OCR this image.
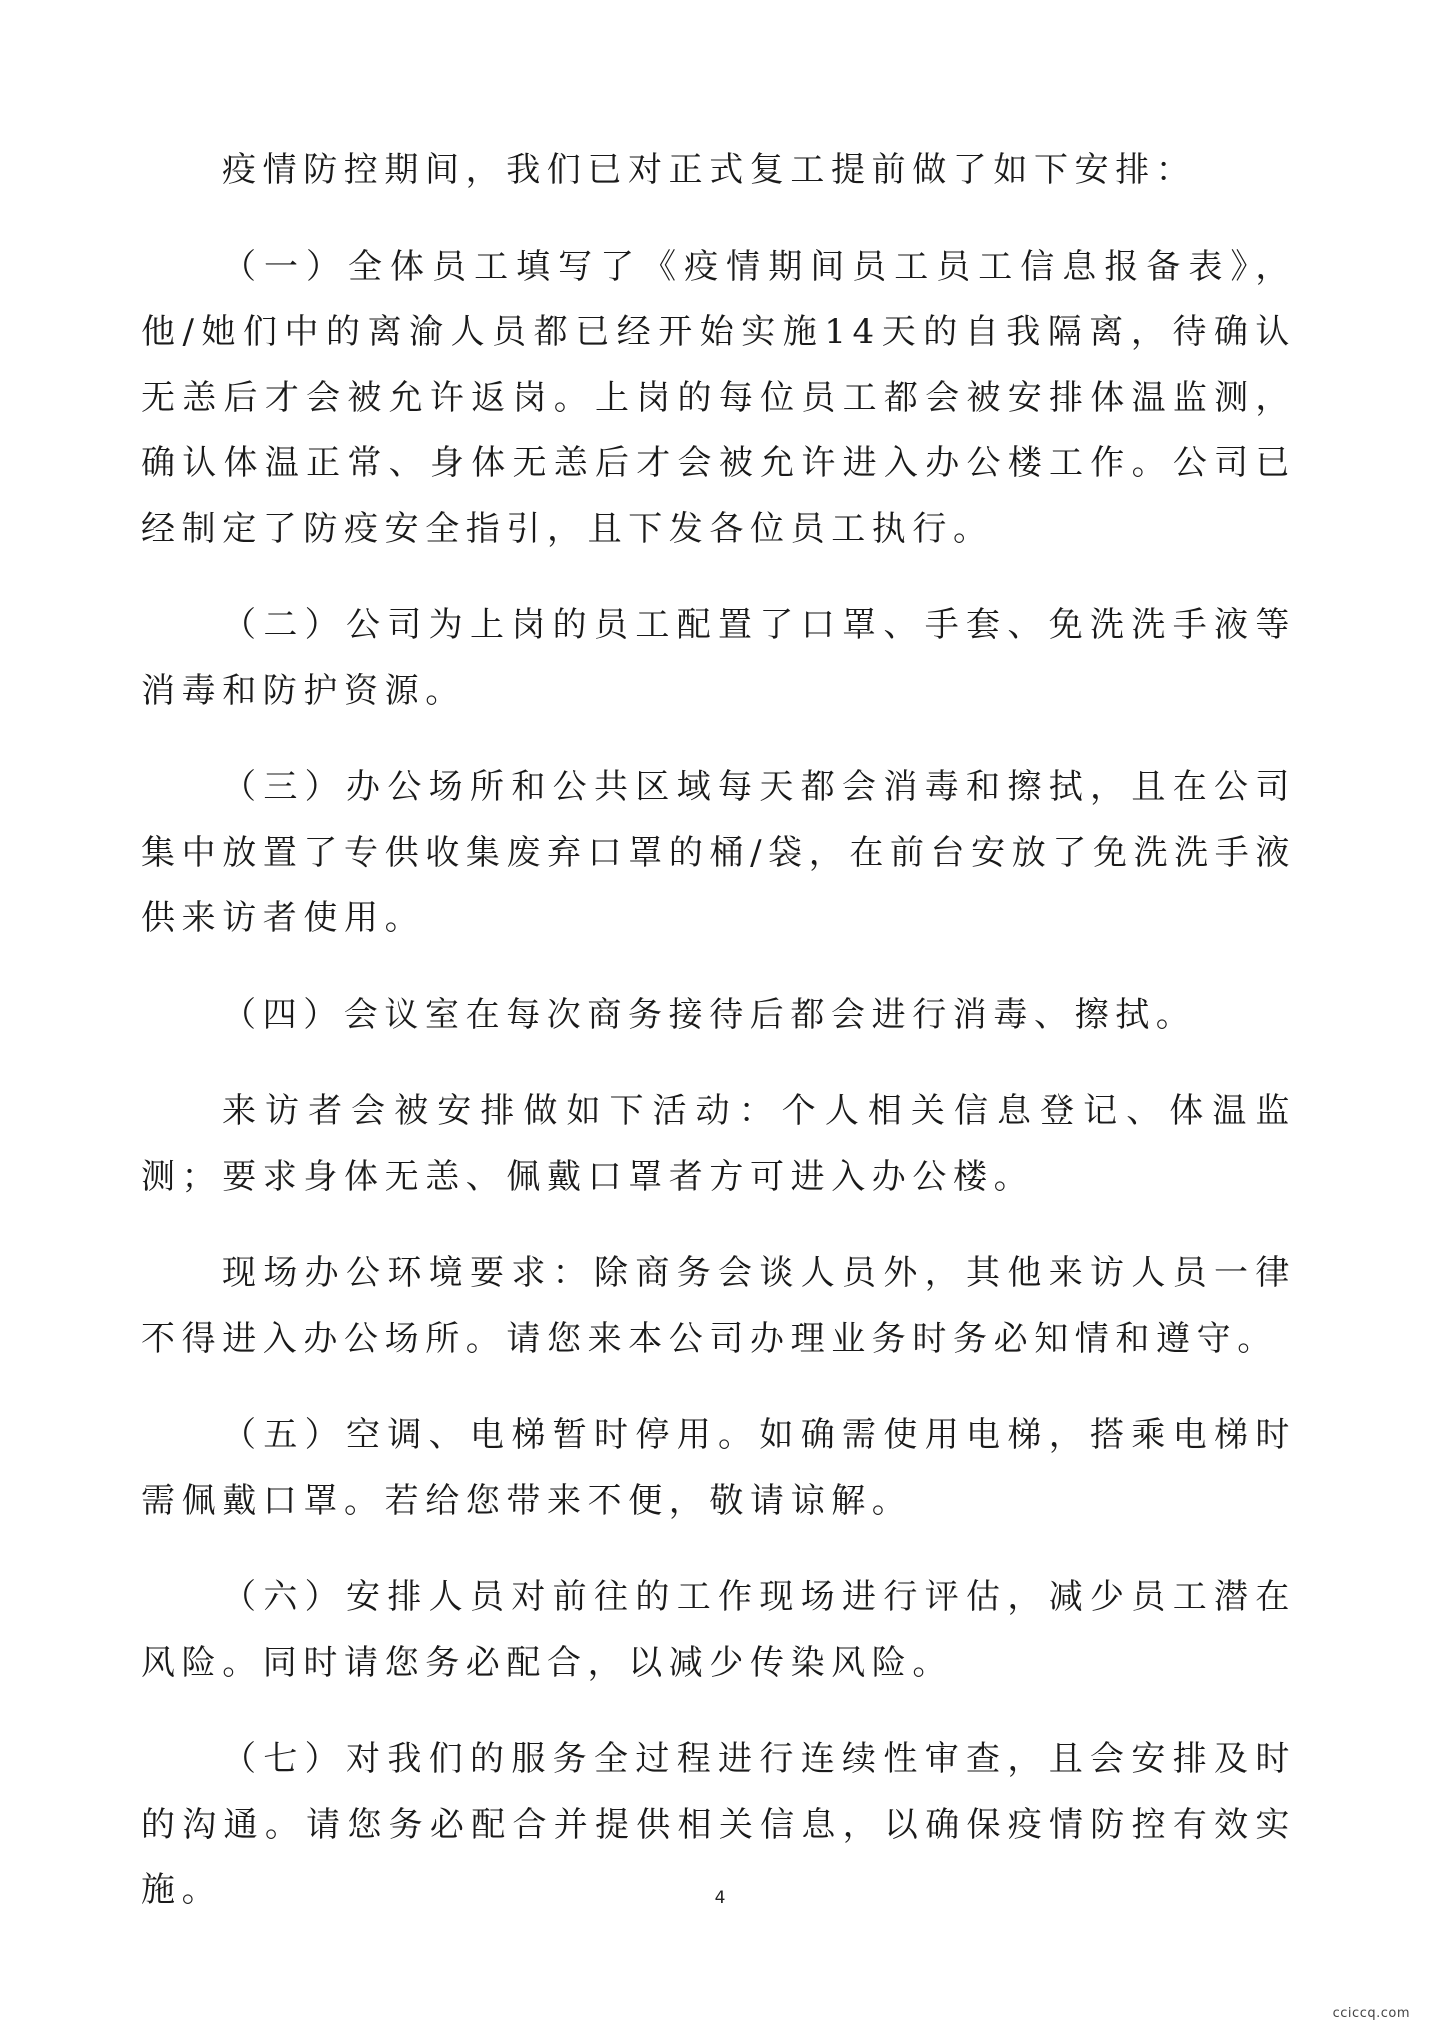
疫情防控期间，我们已对正式复工提前做了如下安排：

（一）全体员工填写了《疫情期间员工员工信息报备表》，他/她们中的离渝人员都已经开始实施14天的自我隔离，待确认无恙后才会被允许返岗。上岗的每位员工都会被安排体温监测，确认体温正常、身体无恙后才会被允许进入办公楼工作。公司已经制定了防疫安全指引，且下发各位员工执行。

（二）公司为上岗的员工配置了口罩、手套、免洗洗手液等消毒和防护资源。

（三）办公场所和公共区域每天都会消毒和擦拭，且在公司集中放置了专供收集废弃口罩的桶/袋，在前台安放了免洗洗手液供来访者使用。

（四）会议室在每次商务接待后都会进行消毒、擦拭。

来访者会被安排做如下活动：个人相关信息登记、体温监测；要求身体无恙、佩戴口罩者方可进入办公楼。

现场办公环境要求：除商务会谈人员外，其他来访人员一律不得进入办公场所。请您来本公司办理业务时务必知情和遵守。

（五）空调、电梯暂时停用。如确需使用电梯，搭乘电梯时需佩戴口罩。若给您带来不便，敬请谅解。

（六）安排人员对前往的工作现场进行评估，减少员工潜在风险。同时请您务必配合，以减少传染风险。

（七）对我们的服务全过程进行连续性审查，且会安排及时的沟通。请您务必配合并提供相关信息，以确保疫情防控有效实施。	4
cciccq.com
